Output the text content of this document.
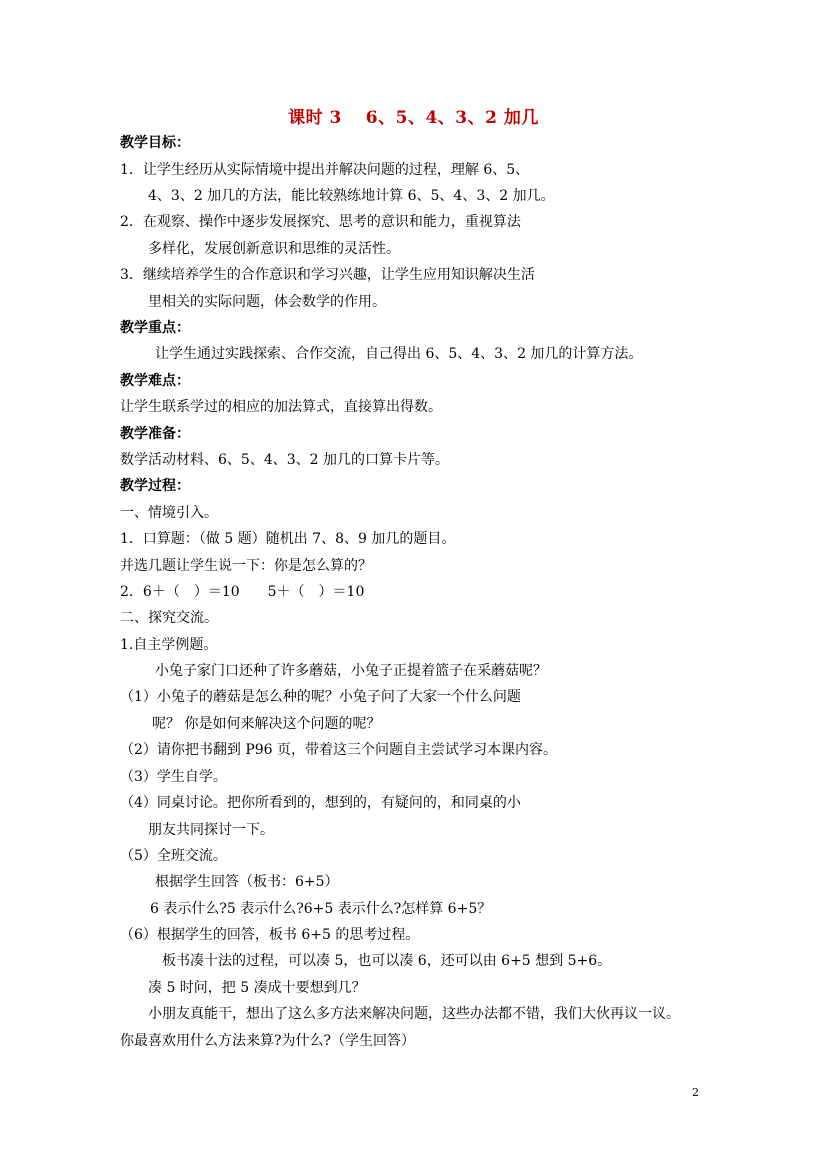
课时 3　 6、5、4、3、2 加几
教学目标：
1．让学生经历从实际情境中提出并解决问题的过程，理解 6、5、
4、3、2 加几的方法，能比较熟练地计算 6、5、4、3、2 加几。
2．在观察、操作中逐步发展探究、思考的意识和能力，重视算法
多样化，发展创新意识和思维的灵活性。
3．继续培养学生的合作意识和学习兴趣，让学生应用知识解决生活
里相关的实际问题，体会数学的作用。
教学重点：
让学生通过实践探索、合作交流，自己得出 6、5、4、3、2 加几的计算方法。
教学难点：
让学生联系学过的相应的加法算式，直接算出得数。
教学准备：
数学活动材料、6、5、4、3、2 加几的口算卡片等。
教学过程：
一、情境引入。
1．口算题：（做 5 题）随机出 7、8、9 加几的题目。
并选几题让学生说一下：你是怎么算的？
2．6＋（　）＝10　　5＋（　）＝10
二、探究交流。
1.自主学例题。
小兔子家门口还种了许多蘑菇，小兔子正提着篮子在采蘑菇呢？
（1）小兔子的蘑菇是怎么种的呢？小兔子问了大家一个什么问题
呢？ 你是如何来解决这个问题的呢？
（2）请你把书翻到 P96 页，带着这三个问题自主尝试学习本课内容。
（3）学生自学。
（4）同桌讨论。把你所看到的，想到的，有疑问的，和同桌的小
朋友共同探讨一下。
（5）全班交流。
根据学生回答（板书：6+5）
6 表示什么?5 表示什么?6+5 表示什么?怎样算 6+5？
（6）根据学生的回答，板书 6+5 的思考过程。
板书凑十法的过程，可以凑 5，也可以凑 6，还可以由 6+5 想到 5+6。
凑 5 时问，把 5 凑成十要想到几？
小朋友真能干，想出了这么多方法来解决问题，这些办法都不错，我们大伙再议一议。
你最喜欢用什么方法来算?为什么?（学生回答）
2
